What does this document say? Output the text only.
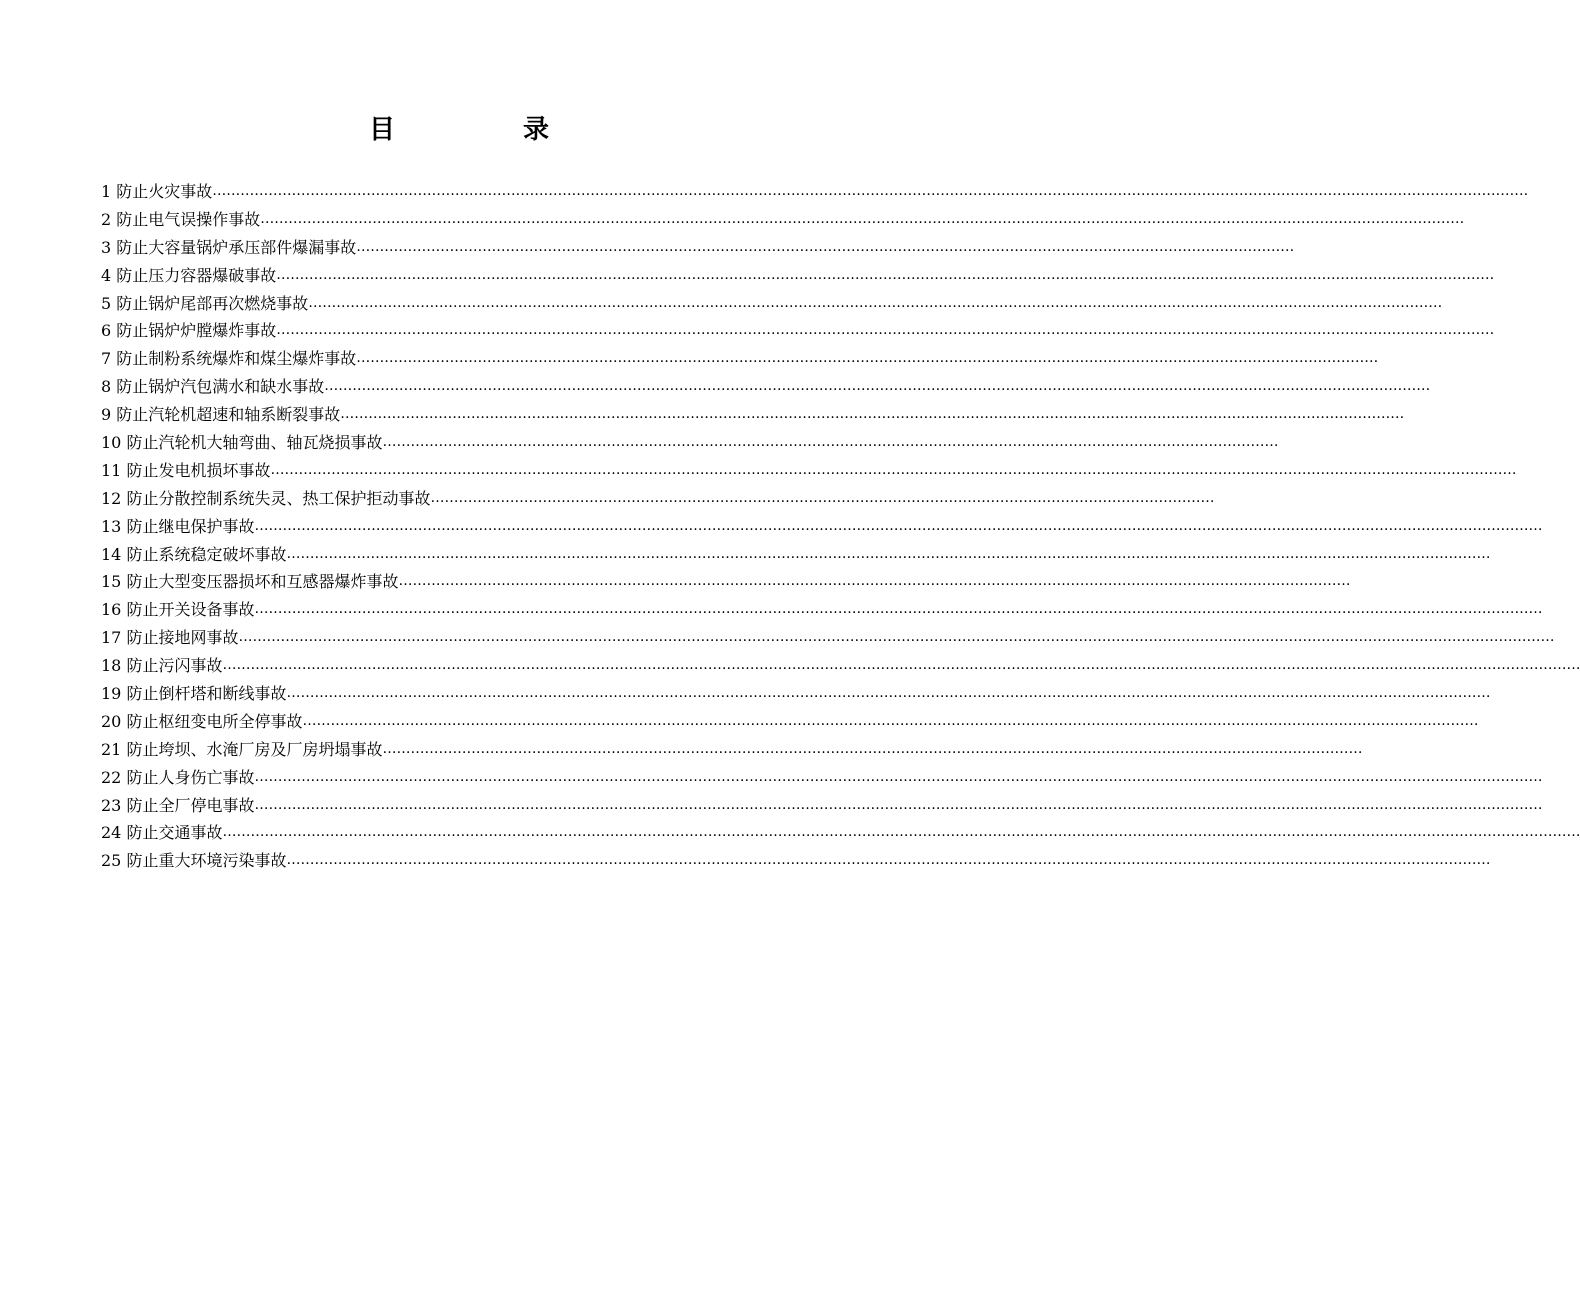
目	录
1 防止火灾事故…………………………………………………………………………………………………………………………………………………………………………………………………………………………………………………………
2 防止电气误操作事故……………………………………………………………………………………………………………………………………………………………………………………………………………………………………
3 防止大容量锅炉承压部件爆漏事故…………………………………………………………………………………………………………………………………………………………………………………
4 防止压力容器爆破事故………………………………………………………………………………………………………………………………………………………………………………………………………………………………………
5 防止锅炉尾部再次燃烧事故………………………………………………………………………………………………………………………………………………………………………………………………………………………
6 防止锅炉炉膛爆炸事故………………………………………………………………………………………………………………………………………………………………………………………………………………………………………
7 防止制粉系统爆炸和煤尘爆炸事故…………………………………………………………………………………………………………………………………………………………………………………………………
8 防止锅炉汽包满水和缺水事故…………………………………………………………………………………………………………………………………………………………………………………………………………………
9 防止汽轮机超速和轴系断裂事故…………………………………………………………………………………………………………………………………………………………………………………………………………
10 防止汽轮机大轴弯曲、轴瓦烧损事故…………………………………………………………………………………………………………………………………………………………………………
11 防止发电机损坏事故……………………………………………………………………………………………………………………………………………………………………………………………………………………………………………
12 防止分散控制系统失灵、热工保护拒动事故……………………………………………………………………………………………………………………………………………………
13 防止继电保护事故……………………………………………………………………………………………………………………………………………………………………………………………………………………………………………………
14 防止系统稳定破坏事故……………………………………………………………………………………………………………………………………………………………………………………………………………………………………
15 防止大型变压器损坏和互感器爆炸事故……………………………………………………………………………………………………………………………………………………………………………………
16 防止开关设备事故……………………………………………………………………………………………………………………………………………………………………………………………………………………………………………………
17 防止接地网事故…………………………………………………………………………………………………………………………………………………………………………………………………………………………………………………………
18 防止污闪事故…………………………………………………………………………………………………………………………………………………………………………………………………………………………………………………………………
19 防止倒杆塔和断线事故……………………………………………………………………………………………………………………………………………………………………………………………………………………………………
20 防止枢纽变电所全停事故………………………………………………………………………………………………………………………………………………………………………………………………………………………………
21 防止垮坝、水淹厂房及厂房坍塌事故…………………………………………………………………………………………………………………………………………………………………………………………
22 防止人身伤亡事故……………………………………………………………………………………………………………………………………………………………………………………………………………………………………………………
23 防止全厂停电事故……………………………………………………………………………………………………………………………………………………………………………………………………………………………………………………
24 防止交通事故…………………………………………………………………………………………………………………………………………………………………………………………………………………………………………………………………
25 防止重大环境污染事故……………………………………………………………………………………………………………………………………………………………………………………………………………………………………
